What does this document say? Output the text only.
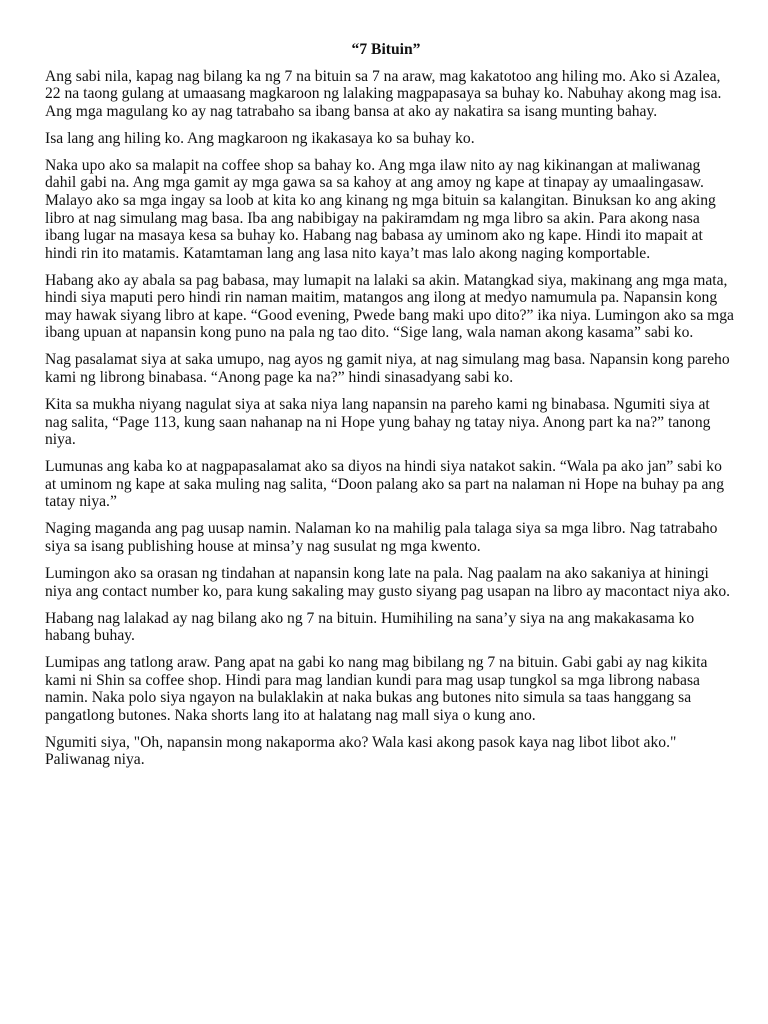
“7 Bituin”

Ang sabi nila, kapag nag bilang ka ng 7 na bituin sa 7 na araw, mag kakatotoo ang hiling mo. Ako si Azalea, 22 na taong gulang at umaasang magkaroon ng lalaking magpapasaya sa buhay ko. Nabuhay akong mag isa. Ang mga magulang ko ay nag tatrabaho sa ibang bansa at ako ay nakatira sa isang munting bahay.

Isa lang ang hiling ko. Ang magkaroon ng ikakasaya ko sa buhay ko.

Naka upo ako sa malapit na coffee shop sa bahay ko. Ang mga ilaw nito ay nag kikinangan at maliwanag dahil gabi na. Ang mga gamit ay mga gawa sa sa kahoy at ang amoy ng kape at tinapay ay umaalingasaw. Malayo ako sa mga ingay sa loob at kita ko ang kinang ng mga bituin sa kalangitan. Binuksan ko ang aking libro at nag simulang mag basa. Iba ang nabibigay na pakiramdam ng mga libro sa akin. Para akong nasa ibang lugar na masaya kesa sa buhay ko. Habang nag babasa ay uminom ako ng kape. Hindi ito mapait at hindi rin ito matamis. Katamtaman lang ang lasa nito kaya’t mas lalo akong naging komportable.

Habang ako ay abala sa pag babasa, may lumapit na lalaki sa akin. Matangkad siya, makinang ang mga mata, hindi siya maputi pero hindi rin naman maitim, matangos ang ilong at medyo namumula pa. Napansin kong may hawak siyang libro at kape. “Good evening, Pwede bang maki upo dito?” ika niya. Lumingon ako sa mga ibang upuan at napansin kong puno na pala ng tao dito. “Sige lang, wala naman akong kasama” sabi ko.

Nag pasalamat siya at saka umupo, nag ayos ng gamit niya, at nag simulang mag basa. Napansin kong pareho kami ng librong binabasa. “Anong page ka na?” hindi sinasadyang sabi ko.

Kita sa mukha niyang nagulat siya at saka niya lang napansin na pareho kami ng binabasa. Ngumiti siya at nag salita, “Page 113, kung saan nahanap na ni Hope yung bahay ng tatay niya. Anong part ka na?” tanong niya.

Lumunas ang kaba ko at nagpapasalamat ako sa diyos na hindi siya natakot sakin. “Wala pa ako jan” sabi ko at uminom ng kape at saka muling nag salita, “Doon palang ako sa part na nalaman ni Hope na buhay pa ang tatay niya.”

Naging maganda ang pag uusap namin. Nalaman ko na mahilig pala talaga siya sa mga libro. Nag tatrabaho siya sa isang publishing house at minsa’y nag susulat ng mga kwento.

Lumingon ako sa orasan ng tindahan at napansin kong late na pala. Nag paalam na ako sakaniya at hiningi niya ang contact number ko, para kung sakaling may gusto siyang pag usapan na libro ay macontact niya ako.

Habang nag lalakad ay nag bilang ako ng 7 na bituin. Humihiling na sana’y siya na ang makakasama ko habang buhay.

Lumipas ang tatlong araw. Pang apat na gabi ko nang mag bibilang ng 7 na bituin. Gabi gabi ay nag kikita kami ni Shin sa coffee shop. Hindi para mag landian kundi para mag usap tungkol sa mga librong nabasa namin. Naka polo siya ngayon na bulaklakin at naka bukas ang butones nito simula sa taas hanggang sa pangatlong butones. Naka shorts lang ito at halatang nag mall siya o kung ano.

Ngumiti siya, "Oh, napansin mong nakaporma ako? Wala kasi akong pasok kaya nag libot libot ako." Paliwanag niya.
